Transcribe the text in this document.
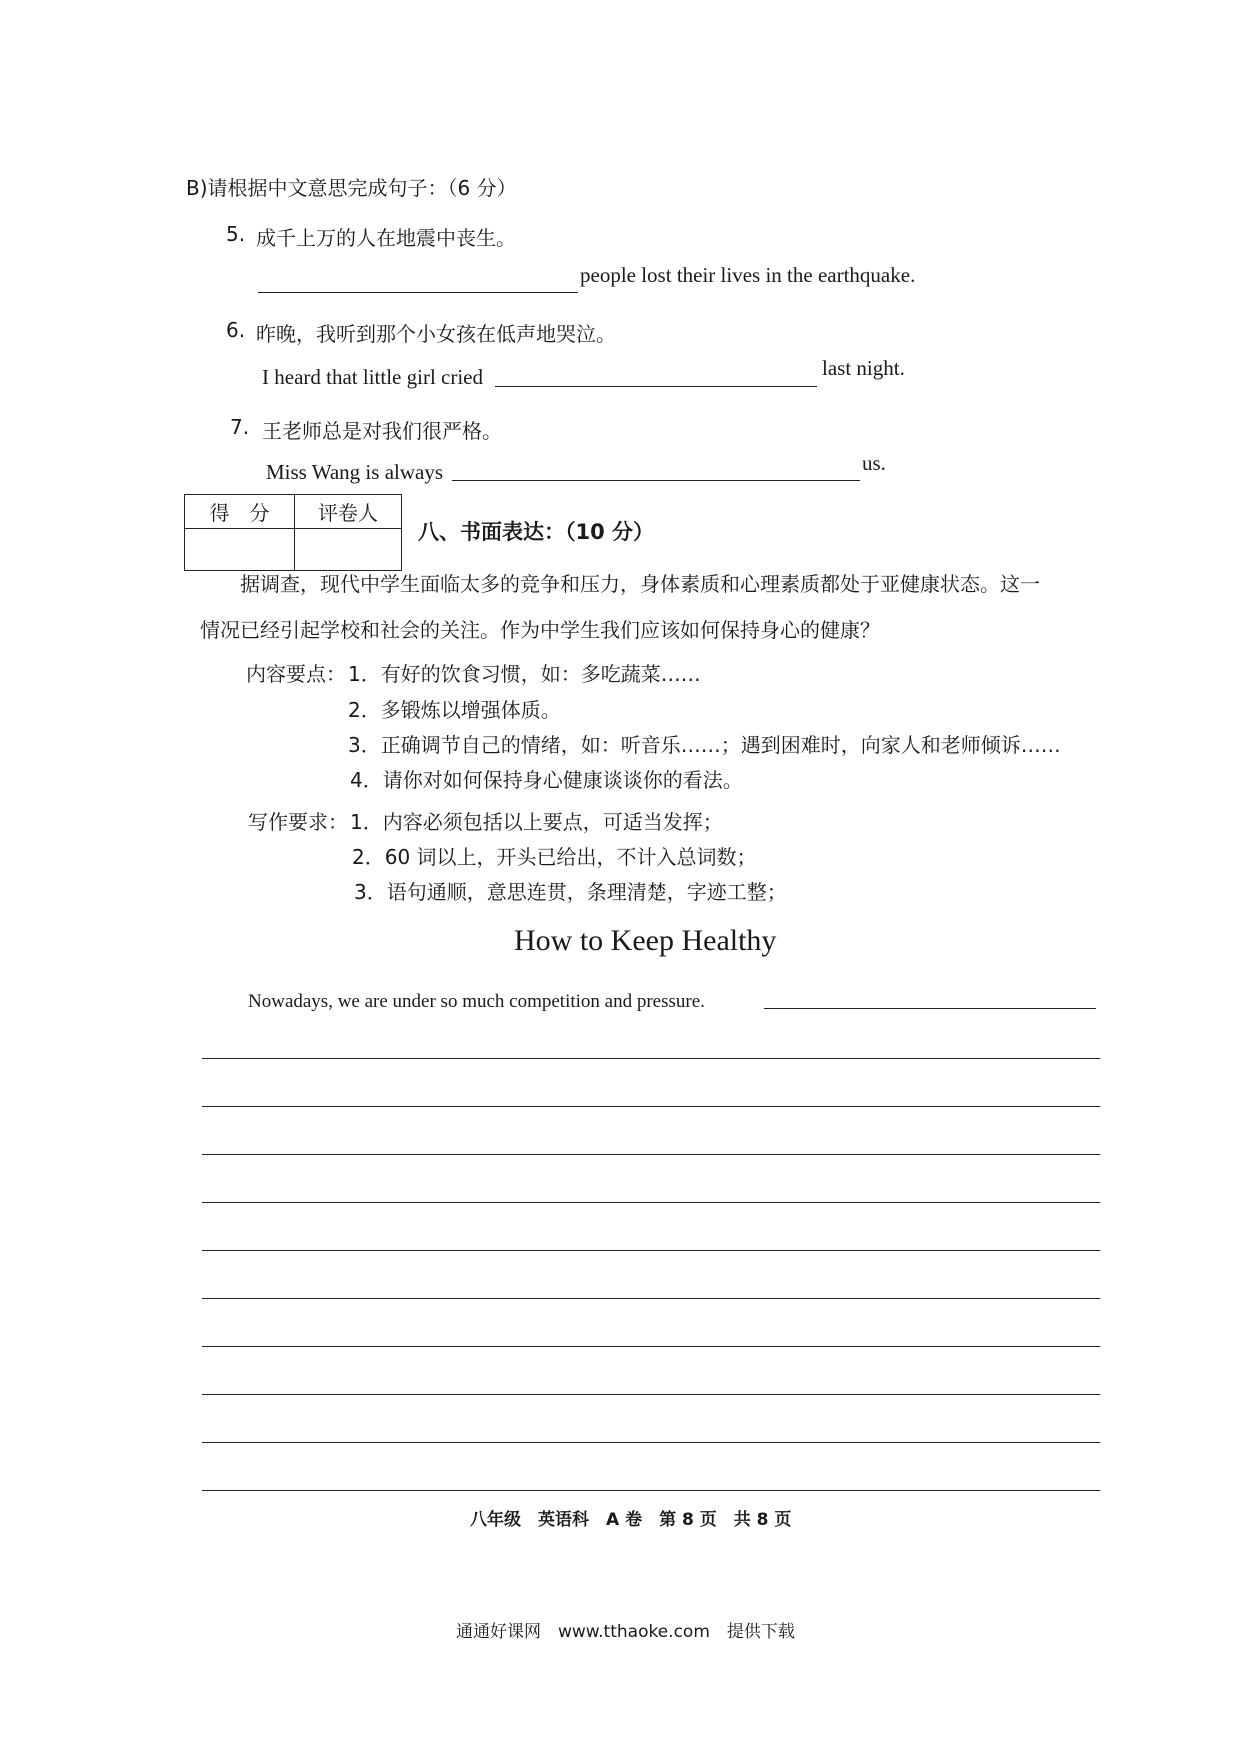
B)请根据中文意思完成句子：（6 分）
5. 成千上万的人在地震中丧生。
people lost their lives in the earthquake.
6. 昨晚，我听到那个小女孩在低声地哭泣。
I heard that little girl cried	last night.
7. 王老师总是对我们很严格。
Miss Wang is always	us.
得　分	评卷人
八、书面表达：（10 分）
据调查，现代中学生面临太多的竞争和压力，身体素质和心理素质都处于亚健康状态。这一
情况已经引起学校和社会的关注。作为中学生我们应该如何保持身心的健康？
内容要点： 1．有好的饮食习惯，如：多吃蔬菜……
2．多锻炼以增强体质。
3．正确调节自己的情绪，如：听音乐……；遇到困难时，向家人和老师倾诉……
4．请你对如何保持身心健康谈谈你的看法。
写作要求： 1．内容必须包括以上要点，可适当发挥；
2．60 词以上，开头已给出，不计入总词数；
3．语句通顺，意思连贯，条理清楚，字迹工整；
How to Keep Healthy
Nowadays, we are under so much competition and pressure.
八年级　英语科　A 卷　第 8 页　共 8 页
通通好课网　www.tthaoke.com　提供下载
